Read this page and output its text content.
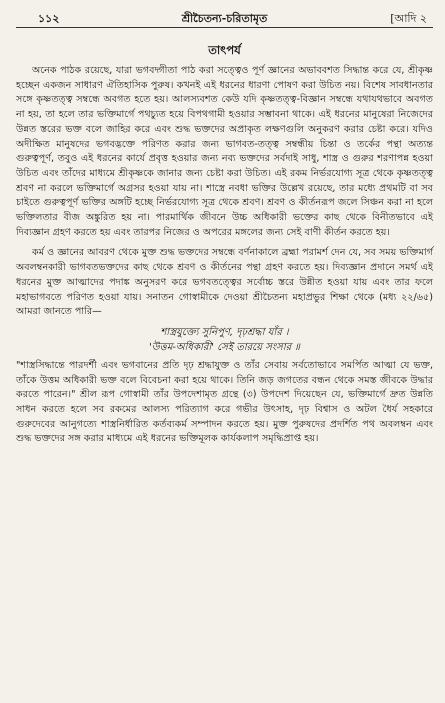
১১২	শ্রীচৈতন্য-চরিতামৃত	[আদি ২
তাৎপর্য

অনেক পাঠক রয়েছে, যারা ভগবদ্গীতা পাঠ করা সত্ত্বেও পূর্ণ জ্ঞানের অভাববশত সিদ্ধান্ত করে যে, শ্রীকৃষ্ণ হচ্ছেন একজন সাধারণ ঐতিহাসিক পুরুষ। কখনই এই ধরনের ধারণা পোষণ করা উচিত নয়। বিশেষ সাবধানতার সঙ্গে কৃষ্ণতত্ত্ব সম্বন্ধে অবগত হতে হয়। আলস্যবশত কেউ যদি কৃষ্ণতত্ত্ব-বিজ্ঞান সম্বন্ধে যথাযথভাবে অবগত না হয়, তা হলে তার ভক্তিমার্গে পথচ্যুত হয়ে বিপথগামী হওয়ার সম্ভাবনা থাকে। এই ধরনের মানুষেরা নিজেদের উন্নত স্তরের ভক্ত বলে জাহির করে এবং শুদ্ধ ভক্তদের অপ্রাকৃত লক্ষণগুলি অনুকরণ করার চেষ্টা করে। যদিও অদীক্ষিত মানুষদের ভগবদ্ভক্তে পরিণত করার জন্য ভাগবত-তত্ত্ব সম্বন্ধীয় চিন্তা ও তর্কের পন্থা অত্যন্ত গুরুত্বপূর্ণ, তবুও এই ধরনের কার্যে প্রবৃত্ত হওয়ার জন্য নব্য ভক্তদের সর্বদাই সাধু, শাস্ত্র ও গুরুর শরণাপন্ন হওয়া উচিত এবং তাঁদের মাধ্যমে শ্রীকৃষ্ণকে জানার জন্য চেষ্টা করা উচিত। এই রকম নির্ভরযোগ্য সূত্র থেকে কৃষ্ণতত্ত্ব শ্রবণ না করলে ভক্তিমার্গে অগ্রসর হওয়া যায় না। শাস্ত্রে নবধা ভক্তির উল্লেখ রয়েছে, তার মধ্যে প্রথমটি বা সব চাইতে গুরুত্বপূর্ণ ভক্তির অঙ্গটি হচ্ছে নির্ভরযোগ্য সূত্র থেকে শ্রবণ। শ্রবণ ও কীর্তনরূপ জলে সিঞ্চন করা না হলে ভক্তিলতার বীজ অঙ্কুরিত হয় না। পারমার্থিক জীবনে উচ্চ অধিকারী ভক্তের কাছ থেকে বিনীতভাবে এই দিব্যজ্ঞান গ্রহণ করতে হয় এবং তারপর নিজের ও অপরের মঙ্গলের জন্য সেই বাণী কীর্তন করতে হয়।

কর্ম ও জ্ঞানের আবরণ থেকে মুক্ত শুদ্ধ ভক্তদের সম্বন্ধে বর্ণনাকালে ব্রহ্মা পরামর্শ দেন যে, সব সময় ভক্তিমার্গ অবলম্বনকারী ভাগবতভক্তদের কাছ থেকে শ্রবণ ও কীর্তনের পন্থা গ্রহণ করতে হয়। দিব্যজ্ঞান প্রদানে সমর্থ এই ধরনের মুক্ত আত্মাদের পদাঙ্ক অনুসরণ করে ভগবতত্ত্বের সর্বোচ্চ স্তরে উন্নীত হওয়া যায় এবং তার ফলে মহাভাগবতে পরিণত হওয়া যায়। সনাতন গোস্বামীকে দেওয়া শ্রীচৈতন্য মহাপ্রভুর শিক্ষা থেকে (মধ্য ২২/৬৫) আমরা জানতে পারি—

শাস্ত্রযুক্ত্যে সুনিপুণ, দৃঢ়শ্রদ্ধা যাঁর ।
'উত্তম-অধিকারী' সেই তারয়ে সংসার ॥

"শাস্ত্রসিদ্ধান্তে পারদর্শী এবং ভগবানের প্রতি দৃঢ় শ্রদ্ধাযুক্ত ও তাঁর সেবায় সর্বতোভাবে সমর্পিত আত্মা যে ভক্ত, তাঁকে উত্তম অধিকারী ভক্ত বলে বিবেচনা করা হয়ে থাকে। তিনি জড় জগতের বন্ধন থেকে সমস্ত জীবকে উদ্ধার করতে পারেন।" শ্রীল রূপ গোস্বামী তাঁর উপদেশামৃত গ্রন্থে (৩) উপদেশ দিয়েছেন যে, ভক্তিমার্গে দ্রুত উন্নতি সাধন করতে হলে সব রকমের আলস্য পরিত্যাগ করে গভীর উৎসাহ, দৃঢ় বিশ্বাস ও অটল ধৈর্য সহকারে গুরুদেবের আনুগত্যে শাস্ত্রনির্ধারিত কর্তব্যকর্ম সম্পাদন করতে হয়। মুক্ত পুরুষদের প্রদর্শিত পথ অবলম্বন এবং শুদ্ধ ভক্তদের সঙ্গ করার মাধ্যমে এই ধরনের ভক্তিমূলক কার্যকলাপ সমৃদ্ধিপ্রাপ্ত হয়।
